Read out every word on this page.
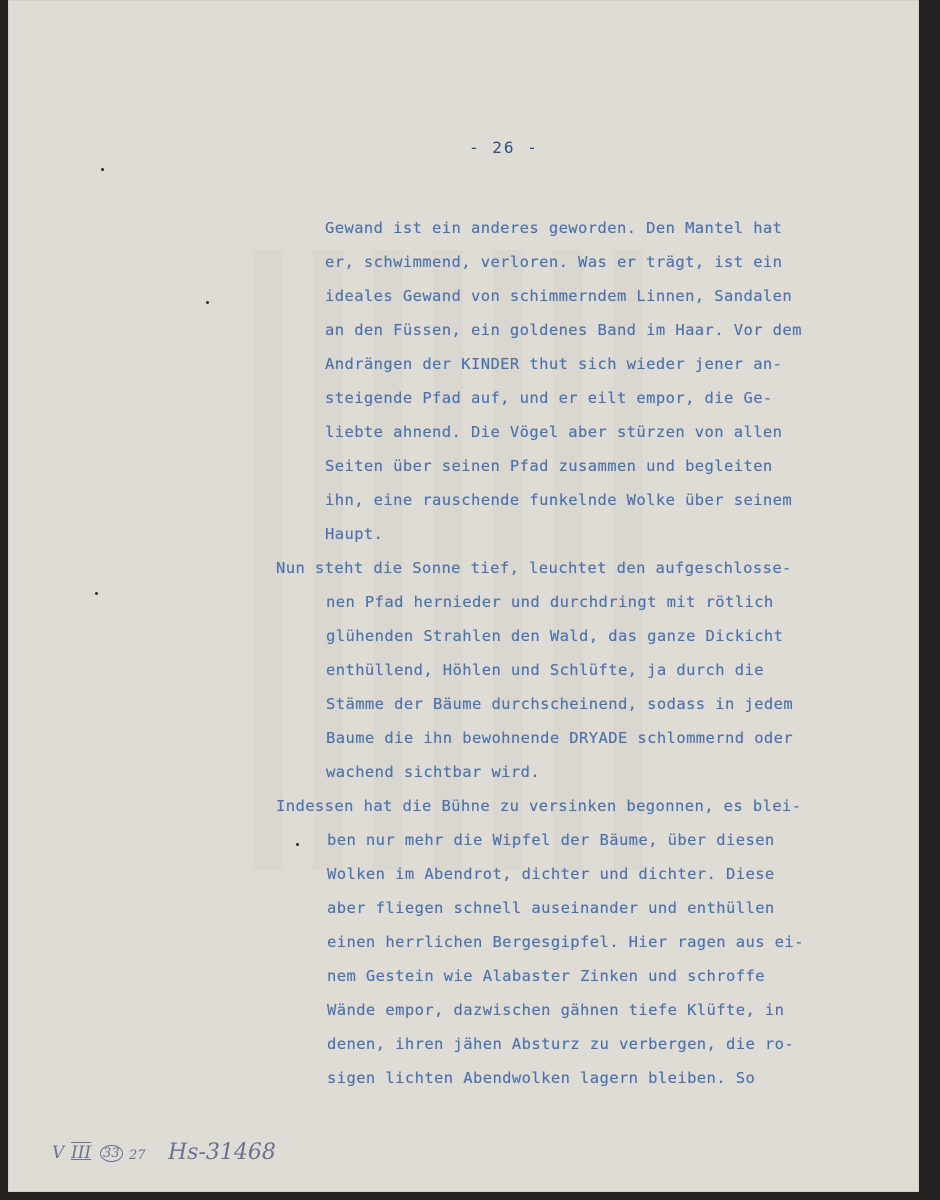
- 26 -
Gewand ist ein anderes geworden. Den Mantel hat
er, schwimmend, verloren. Was er trägt, ist ein
ideales Gewand von schimmerndem Linnen, Sandalen
an den Füssen, ein goldenes Band im Haar. Vor dem
Andrängen der KINDER thut sich wieder jener an-
steigende Pfad auf, und er eilt empor, die Ge-
liebte ahnend. Die Vögel aber stürzen von allen
Seiten über seinen Pfad zusammen und begleiten
ihn, eine rauschende funkelnde Wolke über seinem
Haupt.
Nun steht die Sonne tief, leuchtet den aufgeschlosse-
nen Pfad hernieder und durchdringt mit rötlich
glühenden Strahlen den Wald, das ganze Dickicht
enthüllend, Höhlen und Schlüfte, ja durch die
Stämme der Bäume durchscheinend, sodass in jedem
Baume die ihn bewohnende DRYADE schlommernd oder
wachend sichtbar wird.
Indessen hat die Bühne zu versinken begonnen, es blei-
ben nur mehr die Wipfel der Bäume, über diesen
Wolken im Abendrot, dichter und dichter. Diese
aber fliegen schnell auseinander und enthüllen
einen herrlichen Bergesgipfel. Hier ragen aus ei-
nem Gestein wie Alabaster Zinken und schroffe
Wände empor, dazwischen gähnen tiefe Klüfte, in
denen, ihren jähen Absturz zu verbergen, die ro-
sigen lichten Abendwolken lagern bleiben. So
V III 33 27 Hs-31468
